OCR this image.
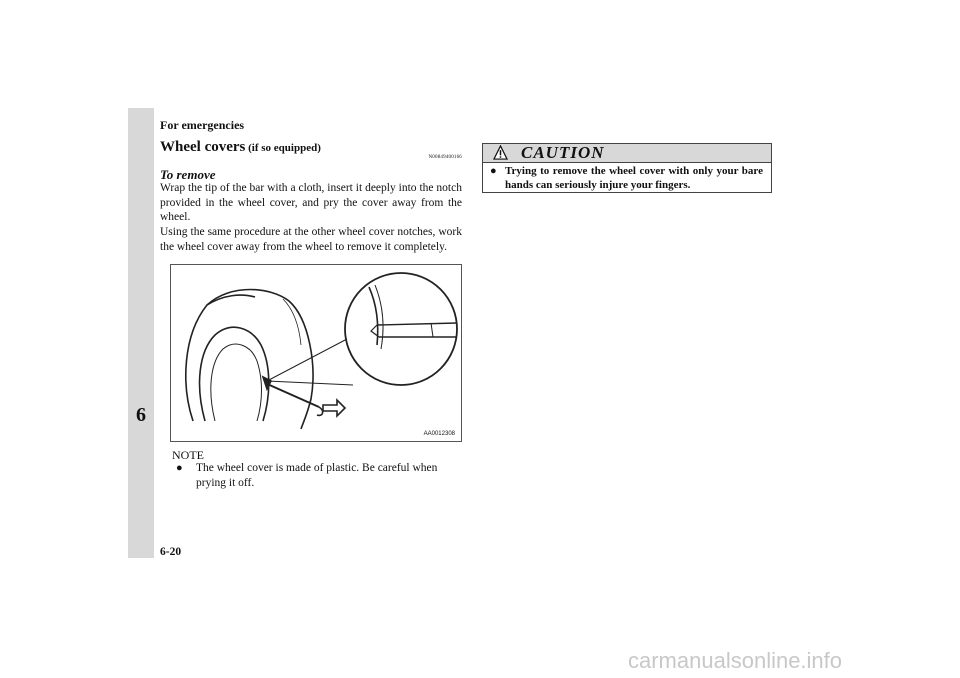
6
For emergencies
Wheel covers (if so equipped)
N00849400166
To remove
Wrap the tip of the bar with a cloth, insert it deeply into the notch provided in the wheel cover, and pry the cover away from the wheel.
Using the same procedure at the other wheel cover notches, work the wheel cover away from the wheel to remove it completely.
AA0012308
NOTE
● The wheel cover is made of plastic. Be careful when prying it off.
CAUTION
● Trying to remove the wheel cover with only your bare hands can seriously injure your fingers.
6-20
carmanualsonline.info
